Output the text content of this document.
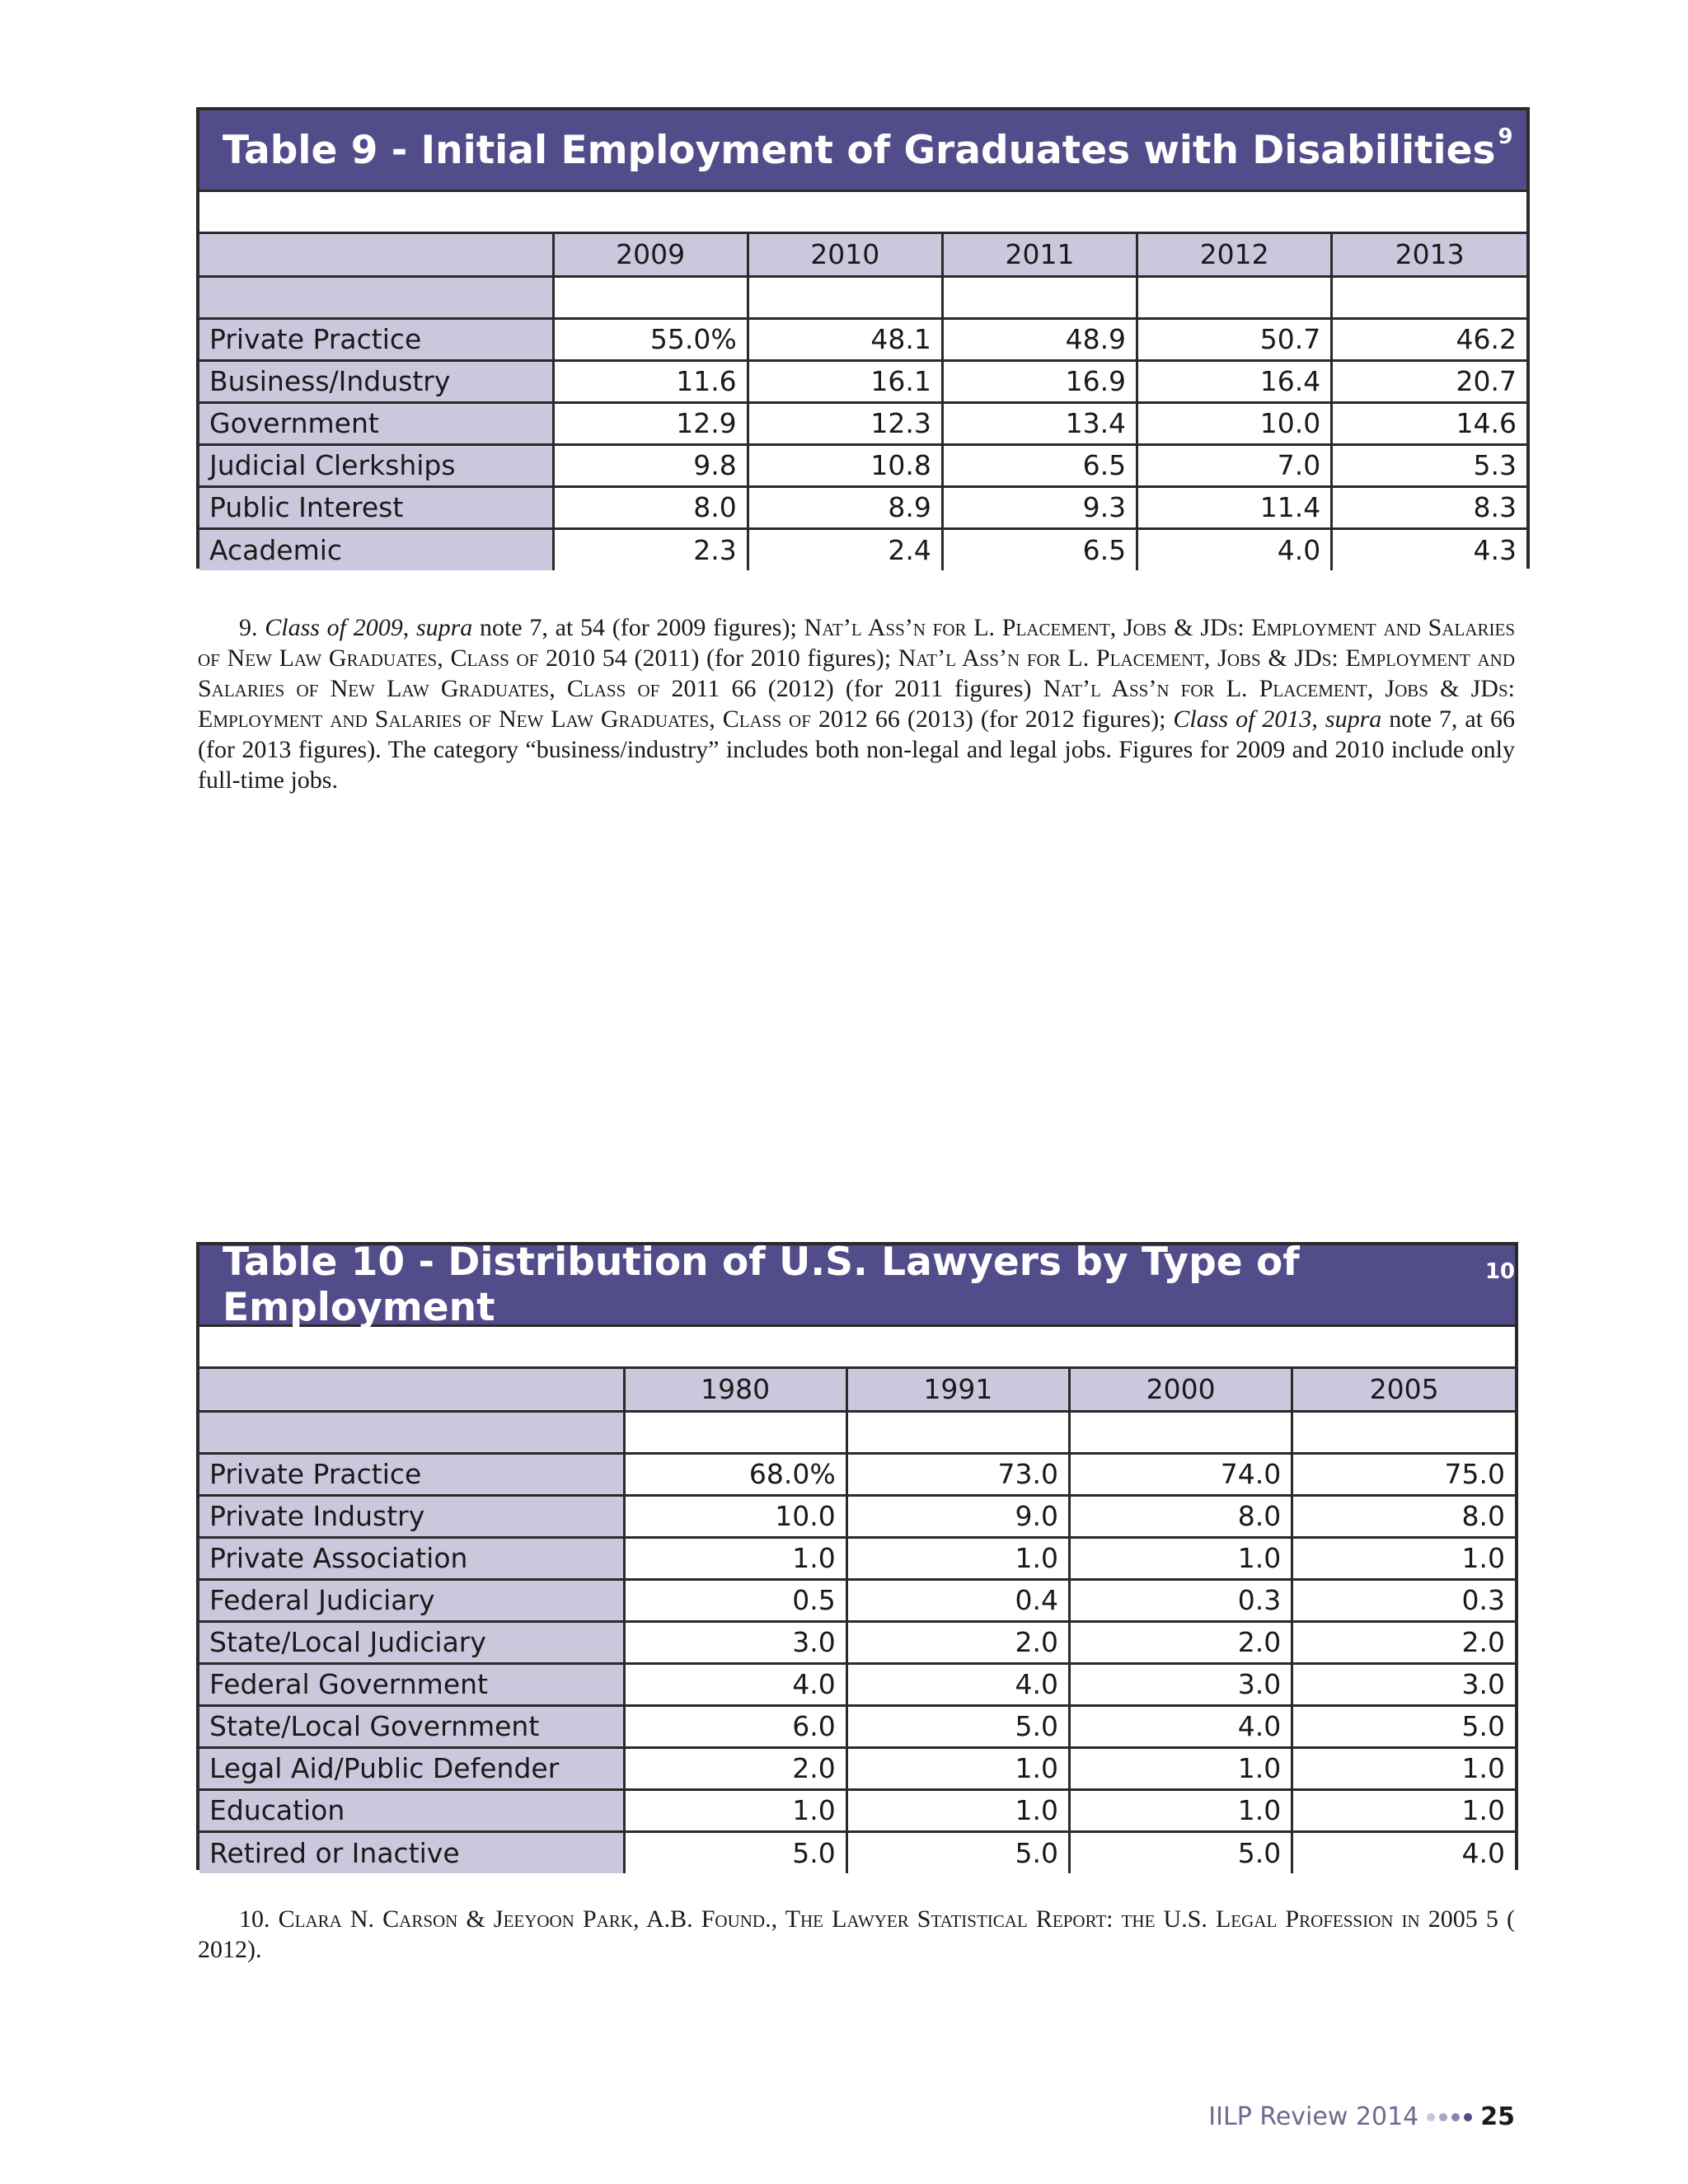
Table 9 - Initial Employment of Graduates with Disabilities$^9$
	2009	2010	2011	2012	2013

Private Practice	55.0%	48.1	48.9	50.7	46.2
Business/Industry	11.6	16.1	16.9	16.4	20.7
Government	12.9	12.3	13.4	10.0	14.6
Judicial Clerkships	9.8	10.8	6.5	7.0	5.3
Public Interest	8.0	8.9	9.3	11.4	8.3
Academic	2.3	2.4	6.5	4.0	4.3
9. Class of 2009, supra note 7, at 54 (for 2009 figures); Nat’l Ass’n for L. Placement, Jobs & JDs: Employment and Salaries of New Law Graduates, Class of 2010 54 (2011) (for 2010 figures); Nat’l Ass’n for L. Placement, Jobs & JDs: Employment and Salaries of New Law Graduates, Class of 2011 66 (2012) (for 2011 figures) Nat’l Ass’n for L. Placement, Jobs & JDs: Employment and Salaries of New Law Graduates, Class of 2012 66 (2013) (for 2012 figures); Class of 2013, supra note 7, at 66 (for 2013 figures). The category “business/industry” includes both non-legal and legal jobs. Figures for 2009 and 2010 include only full-time jobs.
Table 10 - Distribution of U.S. Lawyers by Type of Employment
$^{10}$
	1980	1991	2000	2005

Private Practice	68.0%	73.0	74.0	75.0
Private Industry	10.0	9.0	8.0	8.0
Private Association	1.0	1.0	1.0	1.0
Federal Judiciary	0.5	0.4	0.3	0.3
State/Local Judiciary	3.0	2.0	2.0	2.0
Federal Government	4.0	4.0	3.0	3.0
State/Local Government	6.0	5.0	4.0	5.0
Legal Aid/Public Defender	2.0	1.0	1.0	1.0
Education	1.0	1.0	1.0	1.0
Retired or Inactive	5.0	5.0	5.0	4.0
10. Clara N. Carson & Jeeyoon Park, A.B. Found., The Lawyer Statistical Report: the U.S. Legal Profession in 2005 5 ( 2012).
IILP Review 2014	25
